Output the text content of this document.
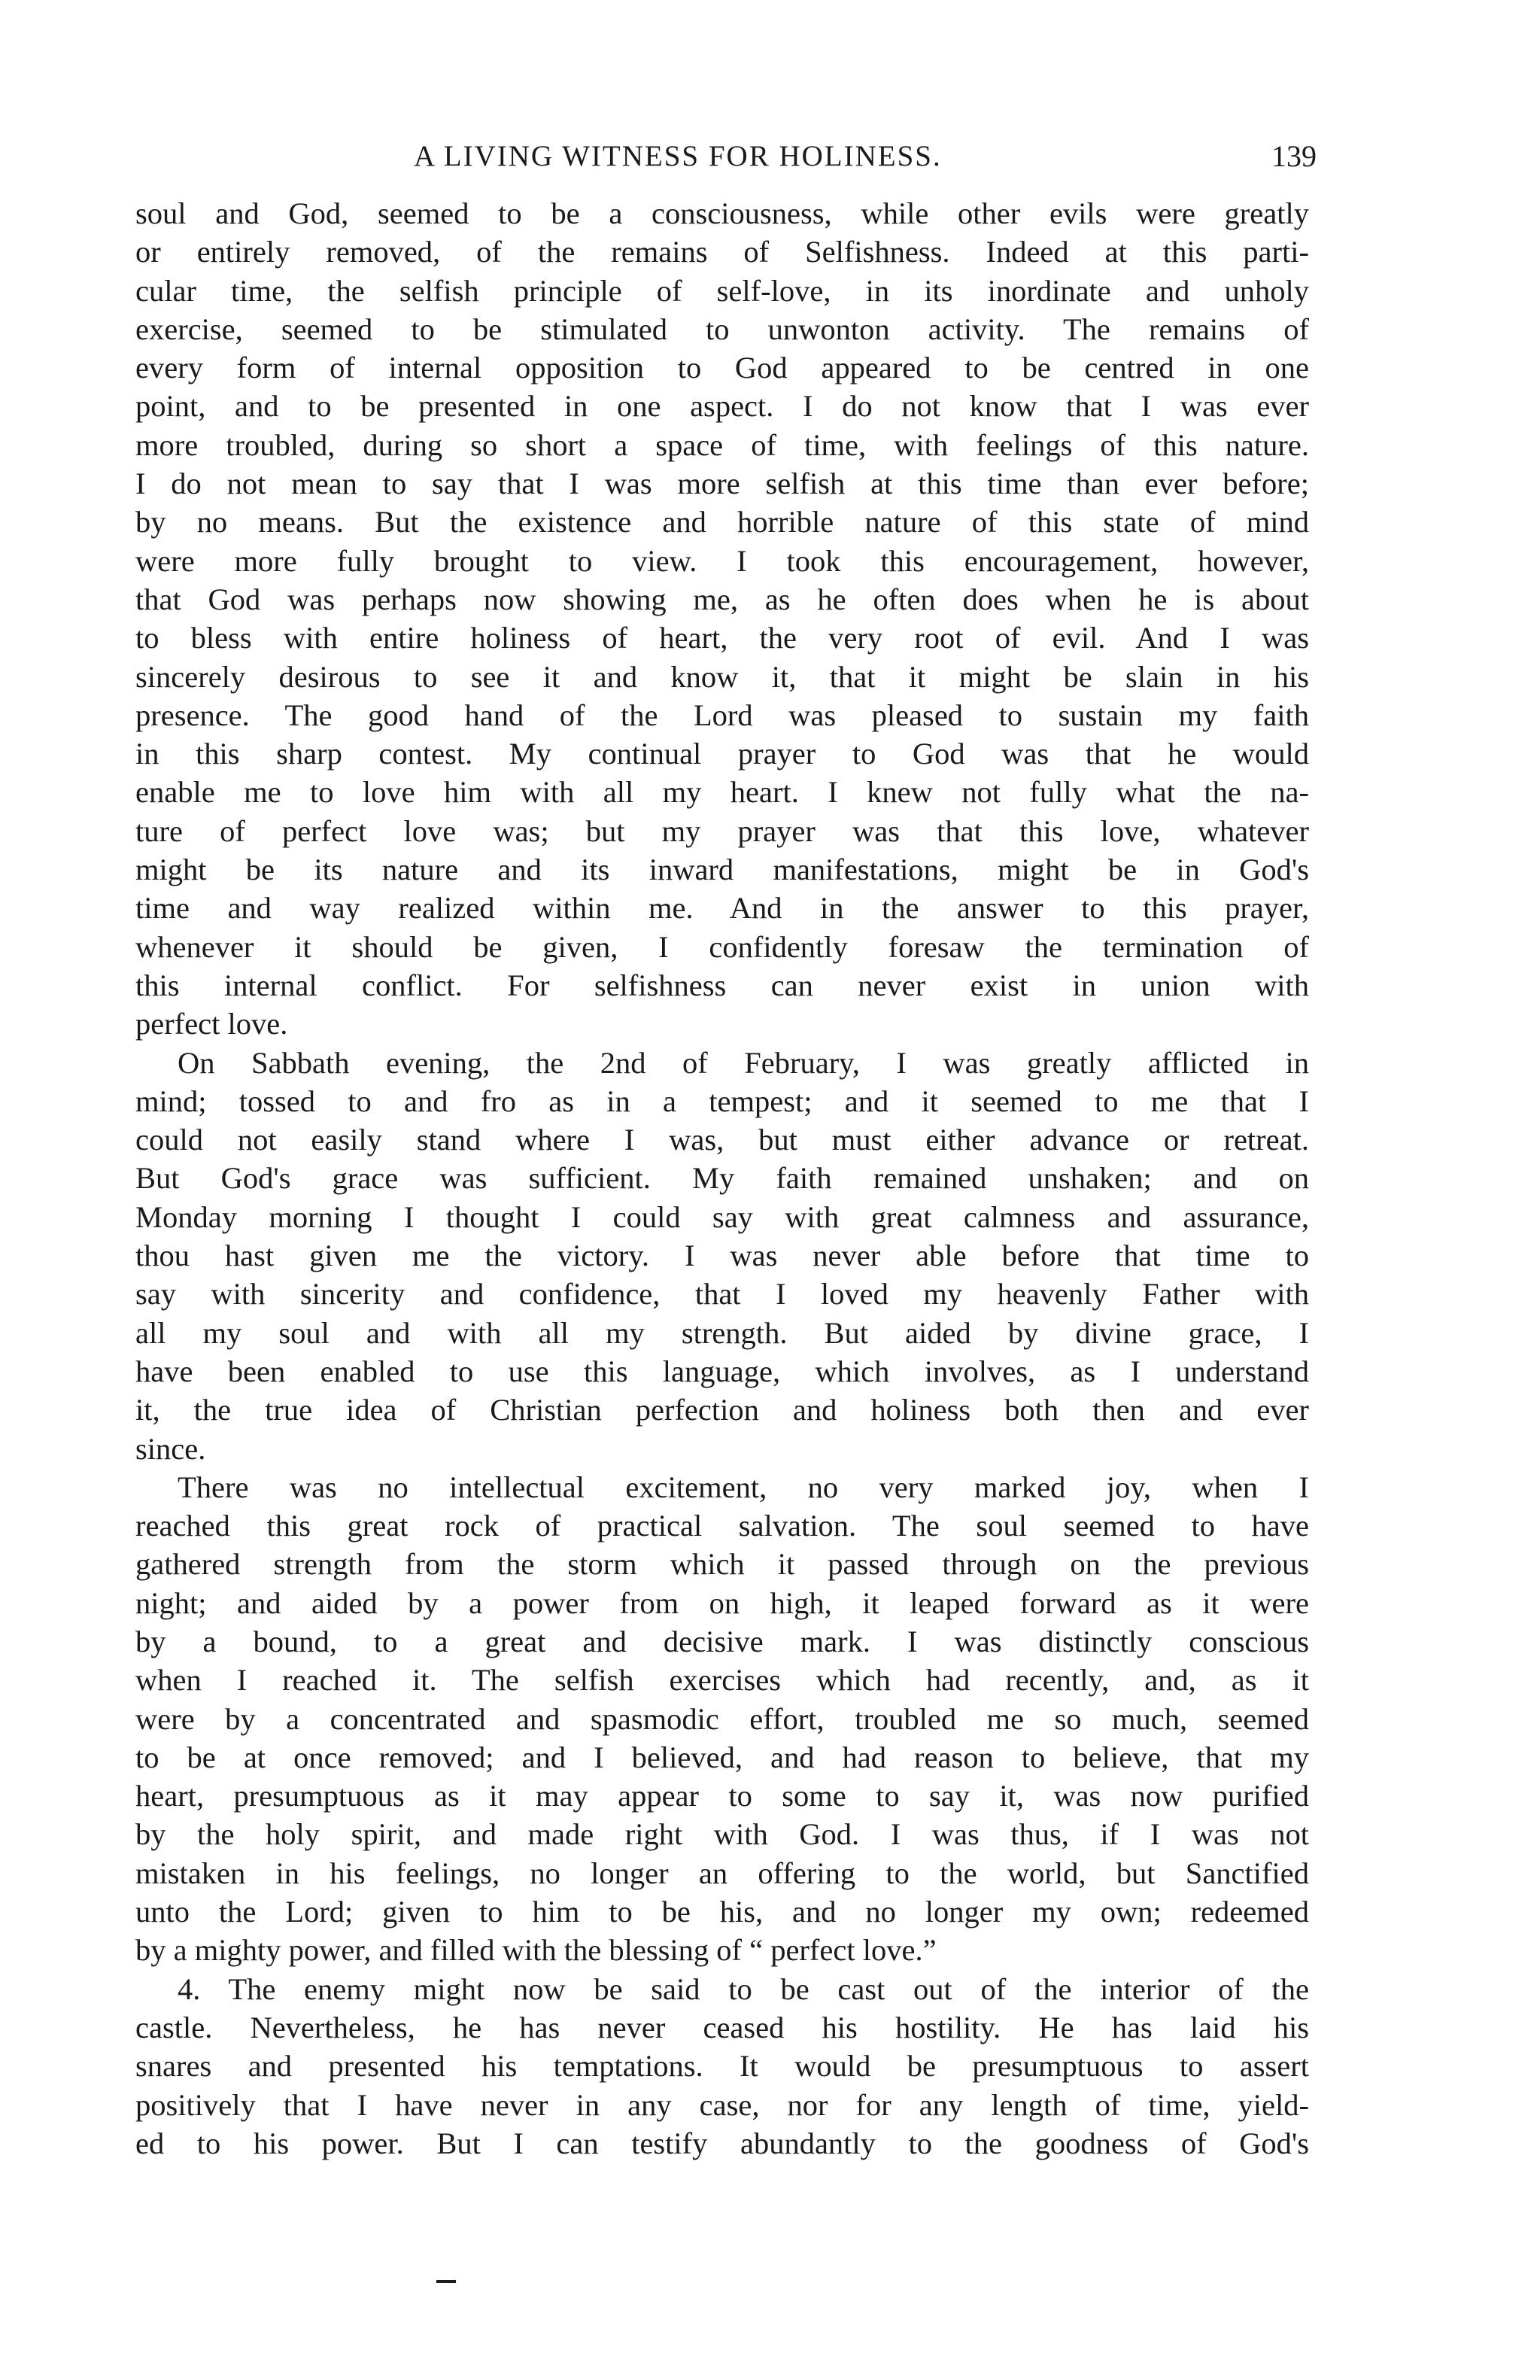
A LIVING WITNESS FOR HOLINESS.	139
soul and God, seemed to be a consciousness, while other evils were greatly
or entirely removed, of the remains of Selfishness. Indeed at this parti-
cular time, the selfish principle of self-love, in its inordinate and unholy
exercise, seemed to be stimulated to unwonton activity. The remains of
every form of internal opposition to God appeared to be centred in one
point, and to be presented in one aspect. I do not know that I was ever
more troubled, during so short a space of time, with feelings of this nature.
I do not mean to say that I was more selfish at this time than ever before;
by no means. But the existence and horrible nature of this state of mind
were more fully brought to view. I took this encouragement, however,
that God was perhaps now showing me, as he often does when he is about
to bless with entire holiness of heart, the very root of evil. And I was
sincerely desirous to see it and know it, that it might be slain in his
presence. The good hand of the Lord was pleased to sustain my faith
in this sharp contest. My continual prayer to God was that he would
enable me to love him with all my heart. I knew not fully what the na-
ture of perfect love was; but my prayer was that this love, whatever
might be its nature and its inward manifestations, might be in God's
time and way realized within me. And in the answer to this prayer,
whenever it should be given, I confidently foresaw the termination of
this internal conflict. For selfishness can never exist in union with
perfect love.
On Sabbath evening, the 2nd of February, I was greatly afflicted in
mind; tossed to and fro as in a tempest; and it seemed to me that I
could not easily stand where I was, but must either advance or retreat.
But God's grace was sufficient. My faith remained unshaken; and on
Monday morning I thought I could say with great calmness and assurance,
thou hast given me the victory. I was never able before that time to
say with sincerity and confidence, that I loved my heavenly Father with
all my soul and with all my strength. But aided by divine grace, I
have been enabled to use this language, which involves, as I understand
it, the true idea of Christian perfection and holiness both then and ever
since.
There was no intellectual excitement, no very marked joy, when I
reached this great rock of practical salvation. The soul seemed to have
gathered strength from the storm which it passed through on the previous
night; and aided by a power from on high, it leaped forward as it were
by a bound, to a great and decisive mark. I was distinctly conscious
when I reached it. The selfish exercises which had recently, and, as it
were by a concentrated and spasmodic effort, troubled me so much, seemed
to be at once removed; and I believed, and had reason to believe, that my
heart, presumptuous as it may appear to some to say it, was now purified
by the holy spirit, and made right with God. I was thus, if I was not
mistaken in his feelings, no longer an offering to the world, but Sanctified
unto the Lord; given to him to be his, and no longer my own; redeemed
by a mighty power, and filled with the blessing of “ perfect love.”
4. The enemy might now be said to be cast out of the interior of the
castle. Nevertheless, he has never ceased his hostility. He has laid his
snares and presented his temptations. It would be presumptuous to assert
positively that I have never in any case, nor for any length of time, yield-
ed to his power. But I can testify abundantly to the goodness of God's
